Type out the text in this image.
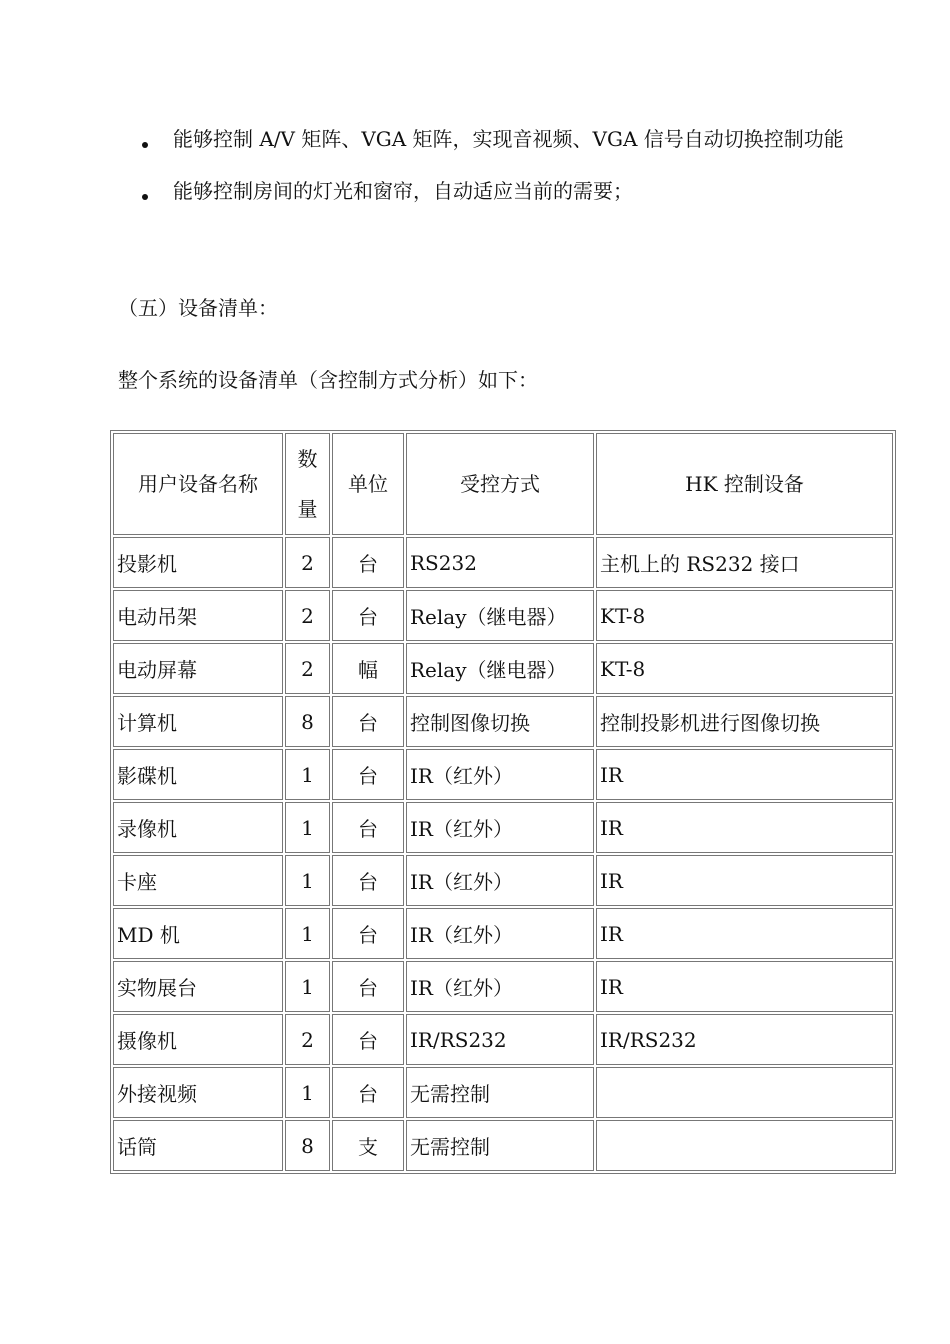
能够控制 A/V 矩阵、VGA 矩阵，实现音视频、VGA 信号自动切换控制功能
能够控制房间的灯光和窗帘，自动适应当前的需要；
（五）设备清单：
整个系统的设备清单（含控制方式分析）如下：
用户设备名称	数量	单位	受控方式	HK 控制设备
投影机	2	台	RS232	主机上的 RS232 接口
电动吊架	2	台	Relay（继电器）	KT-8
电动屏幕	2	幅	Relay（继电器）	KT-8
计算机	8	台	控制图像切换	控制投影机进行图像切换
影碟机	1	台	IR（红外）	IR
录像机	1	台	IR（红外）	IR
卡座	1	台	IR（红外）	IR
MD 机	1	台	IR（红外）	IR
实物展台	1	台	IR（红外）	IR
摄像机	2	台	IR/RS232	IR/RS232
外接视频	1	台	无需控制	
话筒	8	支	无需控制	
